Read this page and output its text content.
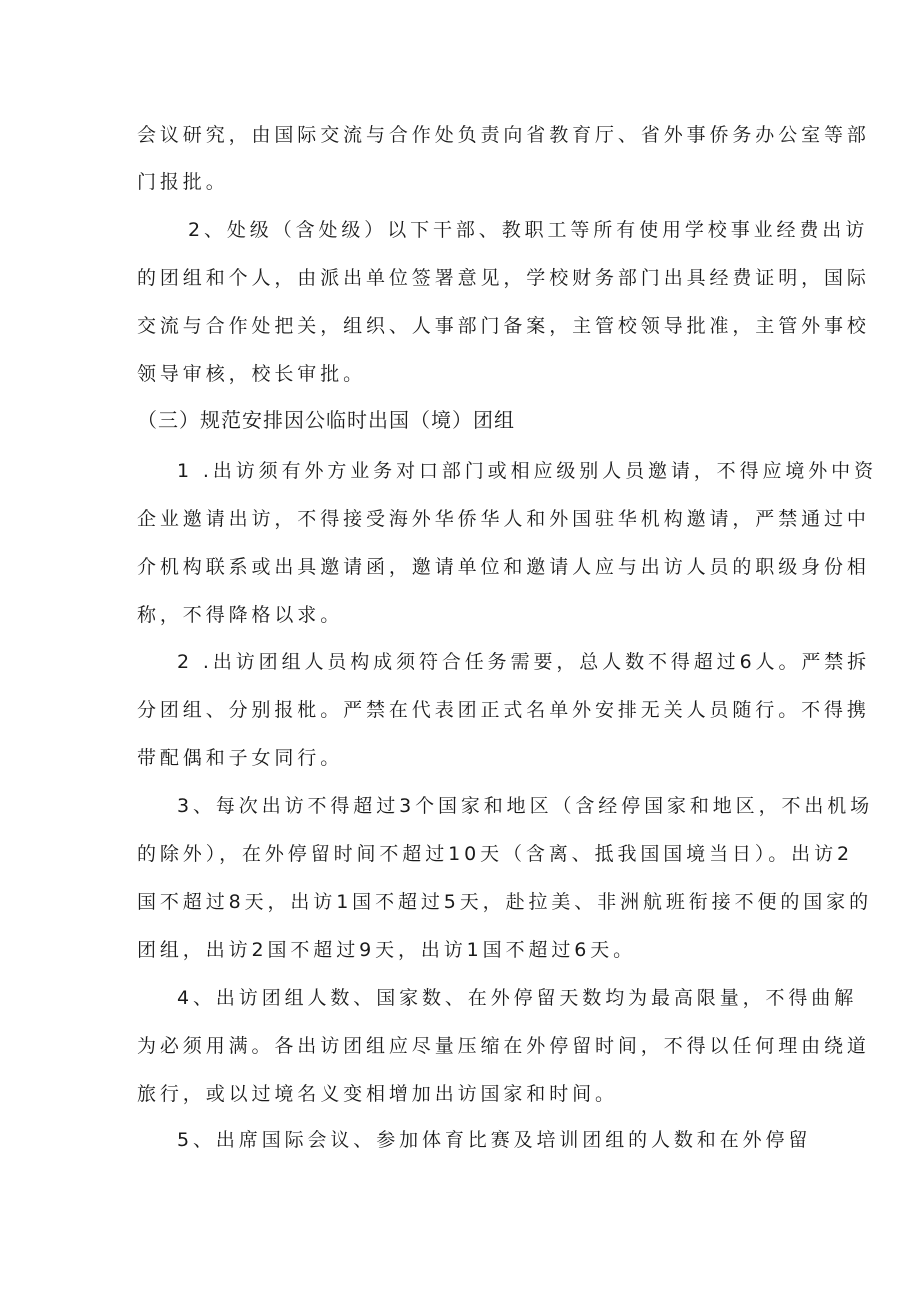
会议研究，由国际交流与合作处负责向省教育厅、省外事侨务办公室等部
门报批。
2、处级（含处级）以下干部、教职工等所有使用学校事业经费出访
的团组和个人，由派出单位签署意见，学校财务部门出具经费证明，国际
交流与合作处把关，组织、人事部门备案，主管校领导批准，主管外事校
领导审核，校长审批。
（三）规范安排因公临时出国（境）团组
1 .出访须有外方业务对口部门或相应级别人员邀请，不得应境外中资
企业邀请出访，不得接受海外华侨华人和外国驻华机构邀请，严禁通过中
介机构联系或出具邀请函，邀请单位和邀请人应与出访人员的职级身份相
称，不得降格以求。
2 .出访团组人员构成须符合任务需要，总人数不得超过6人。严禁拆
分团组、分别报枇。严禁在代表团正式名单外安排无关人员随行。不得携
带配偶和子女同行。
3、每次出访不得超过3个国家和地区（含经停国家和地区，不出机场
的除外），在外停留时间不超过10天（含离、抵我国国境当日）。出访2
国不超过8天，出访1国不超过5天，赴拉美、非洲航班衔接不便的国家的
团组，出访2国不超过9天，出访1国不超过6天。
4、出访团组人数、国家数、在外停留天数均为最高限量，不得曲解
为必须用满。各出访团组应尽量压缩在外停留时间，不得以任何理由绕道
旅行，或以过境名义变相增加出访国家和时间。
5、出席国际会议、参加体育比赛及培训团组的人数和在外停留
